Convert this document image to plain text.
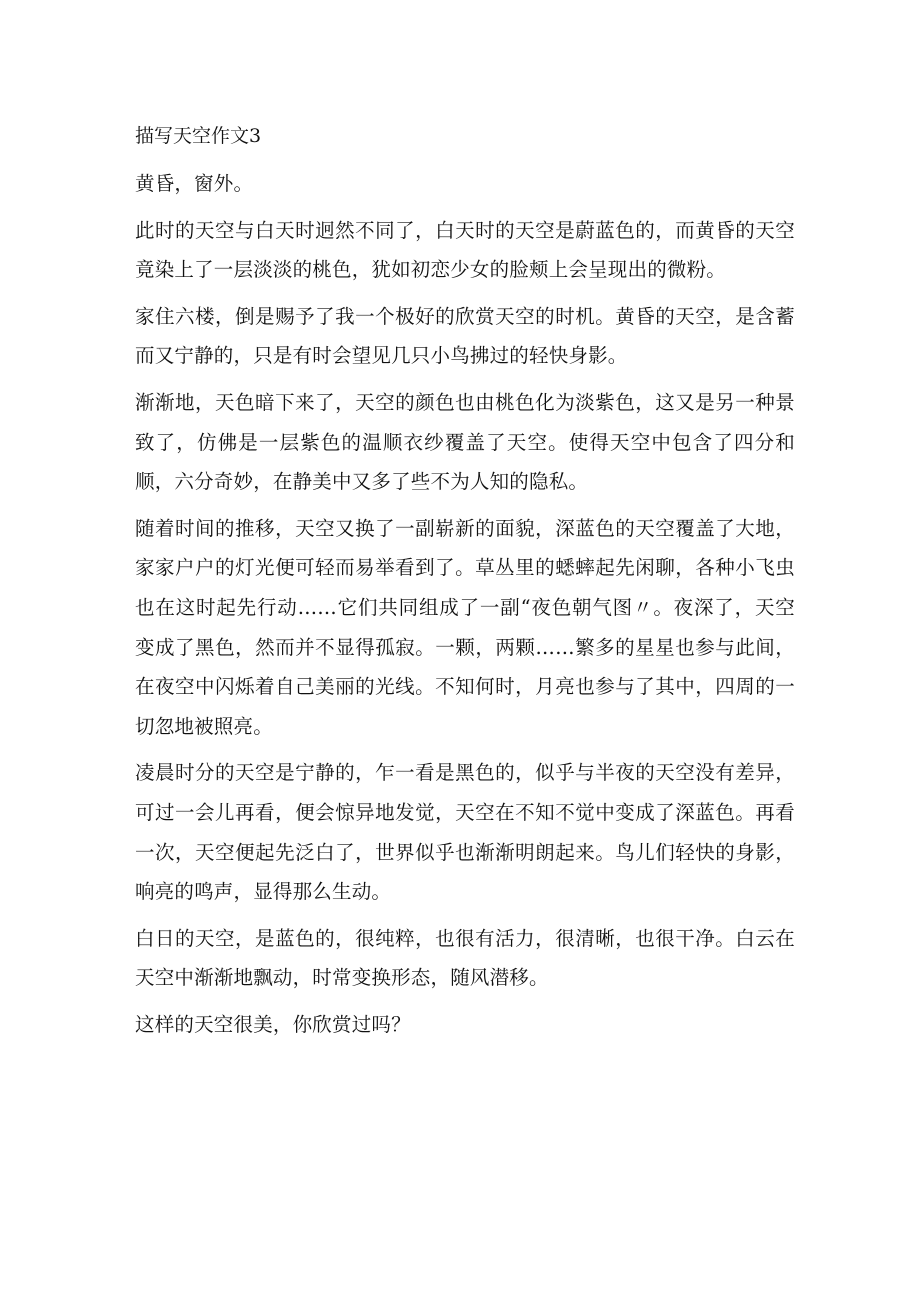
描写天空作文3

黄昏，窗外。

此时的天空与白天时迥然不同了，白天时的天空是蔚蓝色的，而黄昏的天空竟染上了一层淡淡的桃色，犹如初恋少女的脸颊上会呈现出的微粉。

家住六楼，倒是赐予了我一个极好的欣赏天空的时机。黄昏的天空，是含蓄而又宁静的，只是有时会望见几只小鸟拂过的轻快身影。

渐渐地，天色暗下来了，天空的颜色也由桃色化为淡紫色，这又是另一种景致了，仿佛是一层紫色的温顺衣纱覆盖了天空。使得天空中包含了四分和顺，六分奇妙，在静美中又多了些不为人知的隐私。

随着时间的推移，天空又换了一副崭新的面貌，深蓝色的天空覆盖了大地，家家户户的灯光便可轻而易举看到了。草丛里的蟋蟀起先闲聊，各种小飞虫也在这时起先行动……它们共同组成了一副“夜色朝气图〃。夜深了，天空变成了黑色，然而并不显得孤寂。一颗，两颗……繁多的星星也参与此间，在夜空中闪烁着自己美丽的光线。不知何时，月亮也参与了其中，四周的一切忽地被照亮。

凌晨时分的天空是宁静的，乍一看是黑色的，似乎与半夜的天空没有差异，可过一会儿再看，便会惊异地发觉，天空在不知不觉中变成了深蓝色。再看一次，天空便起先泛白了，世界似乎也渐渐明朗起来。鸟儿们轻快的身影，响亮的鸣声，显得那么生动。

白日的天空，是蓝色的，很纯粹，也很有活力，很清晰，也很干净。白云在天空中渐渐地飘动，时常变换形态，随风潜移。

这样的天空很美，你欣赏过吗？
